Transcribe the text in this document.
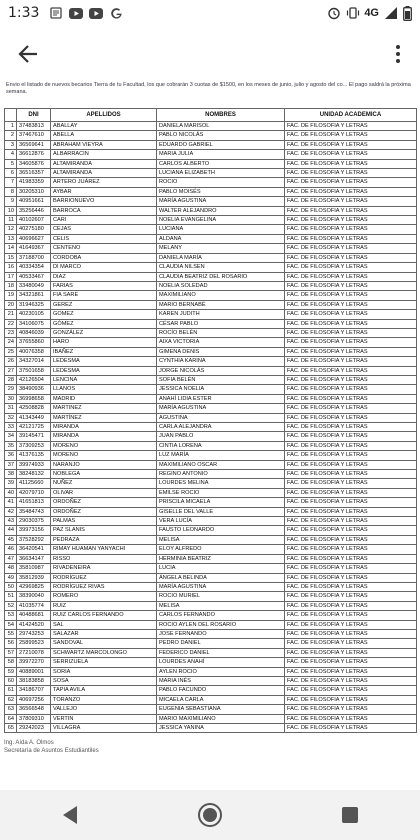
1:33	4G
Envio el listado de nuevos becarios Tierra de tu Facultad, los que cobrarán 3 cuotas de $1500, en los meses de junio, julio y agosto del co... El pago saldrá la próxima semana.
	DNI	APELLIDOS	NOMBRES	UNIDAD ACADEMICA
1	37483813	ABALLAY	DANIELA MARISOL	FAC. DE FILOSOFIA Y LETRAS
2	37467610	ABELLA	PABLO NICOLÁS	FAC. DE FILOSOFIA Y LETRAS
3	36569641	ABRAHAM VIEYRA	EDUARDO GABRIEL	FAC. DE FILOSOFIA Y LETRAS
4	36612876	ALBARRACIN	MARIA JULIA	FAC. DE FILOSOFIA Y LETRAS
5	34605876	ALTAMIRANDA	CARLOS ALBERTO	FAC. DE FILOSOFIA Y LETRAS
6	36516357	ALTAMIRANDA	LUCIANA ELIZABETH	FAC. DE FILOSOFIA Y LETRAS
7	41983359	ARTERO JUÁREZ	ROCIO	FAC. DE FILOSOFIA Y LETRAS
8	30205310	AYBAR	PABLO MOISÉS	FAC. DE FILOSOFIA Y LETRAS
9	40951661	BARRIONUEVO	MARÍA AGUSTINA	FAC. DE FILOSOFIA Y LETRAS
10	35256446	BARROCA	WALTER ALEJANDRO	FAC. DE FILOSOFIA Y LETRAS
11	40102607	CARI	NOELIA EVANGELINA	FAC. DE FILOSOFIA Y LETRAS
12	40275180	CEJAS	LUCIANA	FAC. DE FILOSOFIA Y LETRAS
13	40696627	CELIS	ALDANA	FAC. DE FILOSOFIA Y LETRAS
14	41649367	CENTENO	MELANY	FAC. DE FILOSOFIA Y LETRAS
15	37188700	CORDOBA	DANIELA MARÍA	FAC. DE FILOSOFIA Y LETRAS
16	40334354	DI MARCO	CLAUDIA NILSEN	FAC. DE FILOSOFIA Y LETRAS
17	40533467	DIAZ	CLAUDIA BEATRIZ DEL ROSARIO	FAC. DE FILOSOFIA Y LETRAS
18	33480049	FARIAS	NOELIA SOLEDAD	FAC. DE FILOSOFIA Y LETRAS
19	34321861	FIA SARE	MAXIMILIANO	FAC. DE FILOSOFIA Y LETRAS
20	31946325	GEREZ	MARIO BERNABÉ	FAC. DE FILOSOFIA Y LETRAS
21	40230105	GOMEZ	KAREN JUDITH	FAC. DE FILOSOFIA Y LETRAS
22	34106075	GÓMEZ	CÉSAR PABLO	FAC. DE FILOSOFIA Y LETRAS
23	40846039	GONZÁLEZ	ROCÍO BELÉN	FAC. DE FILOSOFIA Y LETRAS
24	37655860	HARO	AIXA VICTORIA	FAC. DE FILOSOFIA Y LETRAS
25	40076358	IBAÑEZ	GIMENA DENIS	FAC. DE FILOSOFIA Y LETRAS
26	34327014	LEDESMA	CYNTHIA KARINA	FAC. DE FILOSOFIA Y LETRAS
27	37501658	LEDESMA	JORGE NICOLÁS	FAC. DE FILOSOFIA Y LETRAS
28	42126504	LENCINA	SOFIA BELÉN	FAC. DE FILOSOFIA Y LETRAS
29	38490936	LLANOS	JESSICA NOELIA	FAC. DE FILOSOFIA Y LETRAS
30	36998658	MADRID	ANAHÍ LIDIA ESTER	FAC. DE FILOSOFIA Y LETRAS
31	42508828	MARTINEZ	MARÍA AGUSTINA	FAC. DE FILOSOFIA Y LETRAS
32	41343449	MARTÍNEZ	AGUSTINA	FAC. DE FILOSOFIA Y LETRAS
33	42121725	MIRANDA	CARLA ALEJANDRA	FAC. DE FILOSOFIA Y LETRAS
34	39145471	MIRANDA	JUAN PABLO	FAC. DE FILOSOFIA Y LETRAS
35	37309253	MORENO	CINTIA LORENA	FAC. DE FILOSOFIA Y LETRAS
36	41376135	MORENO	LUZ MARÍA	FAC. DE FILOSOFIA Y LETRAS
37	39974933	NARANJO	MAXIMILIANO OSCAR	FAC. DE FILOSOFIA Y LETRAS
38	38248132	NOBLEGA	REGINO ANTONIO	FAC. DE FILOSOFIA Y LETRAS
39	41125660	NUÑEZ	LOURDES MELINA	FAC. DE FILOSOFIA Y LETRAS
40	42079710	OLIVAR	EMILSE ROCIO	FAC. DE FILOSOFIA Y LETRAS
41	41651813	ORDOÑEZ	PRISCILA MICAELA	FAC. DE FILOSOFIA Y LETRAS
42	35484743	ORDOÑEZ	GISELLE DEL VALLE	FAC. DE FILOSOFIA Y LETRAS
43	29030375	PALMAS	VERA LUCÍA	FAC. DE FILOSOFIA Y LETRAS
44	39973156	PAZ SLANIS	FAUSTO LEONARDO	FAC. DE FILOSOFIA Y LETRAS
45	37528292	PEDRAZA	MELISA	FAC. DE FILOSOFIA Y LETRAS
46	36420541	RIMAY HUAMAN YANYACHI	ELOY ALFREDO	FAC. DE FILOSOFIA Y LETRAS
47	36634147	RISSO	HERMINIA BEATRIZ	FAC. DE FILOSOFIA Y LETRAS
48	35810987	RIVADENEIRA	LUCIA	FAC. DE FILOSOFIA Y LETRAS
49	35812939	RODRÍGUEZ	ÁNGELA BELINDA	FAC. DE FILOSOFIA Y LETRAS
50	42969825	RODRÍGUEZ RIVAS	MARÍA AGUSTINA	FAC. DE FILOSOFIA Y LETRAS
51	38390040	ROMERO	ROCIO MURIEL	FAC. DE FILOSOFIA Y LETRAS
52	41035774	RUIZ	MELISA	FAC. DE FILOSOFIA Y LETRAS
53	40488681	RUIZ CARLOS FERNANDO	CARLOS FERNANDO	FAC. DE FILOSOFIA Y LETRAS
54	41424520	SAL	ROCIO AYLEN DEL ROSARIO	FAC. DE FILOSOFIA Y LETRAS
55	29743253	SALAZAR	JOSE FERNANDO	FAC. DE FILOSOFIA Y LETRAS
56	25899523	SANDOVAL	PEDRO DANIEL	FAC. DE FILOSOFIA Y LETRAS
57	27210078	SCHWARTZ MARCOLONGO	FEDERICO DANIEL	FAC. DE FILOSOFIA Y LETRAS
58	39972270	SERRIZUELA	LOURDES ANAHÍ	FAC. DE FILOSOFIA Y LETRAS
59	40889001	SORIA	AYLEN ROCIO	FAC. DE FILOSOFIA Y LETRAS
60	38183858	SOSA	MARIA INÉS	FAC. DE FILOSOFIA Y LETRAS
61	34186707	TAPIA AVILA	PABLO FACUNDO	FAC. DE FILOSOFIA Y LETRAS
62	40697256	TORANZO	MICAELA CARLA	FAC. DE FILOSOFIA Y LETRAS
63	36566548	VALLEJO	EUGENIA SEBASTIANA	FAC. DE FILOSOFIA Y LETRAS
64	37809310	VERTIN	MARIO MAXIMILIANO	FAC. DE FILOSOFIA Y LETRAS
65	29242023	VILLAGRA	JESSICA YANINA	FAC. DE FILOSOFIA Y LETRAS
Ing. Aída A. Olmos
Secretaría de Asuntos Estudiantiles
